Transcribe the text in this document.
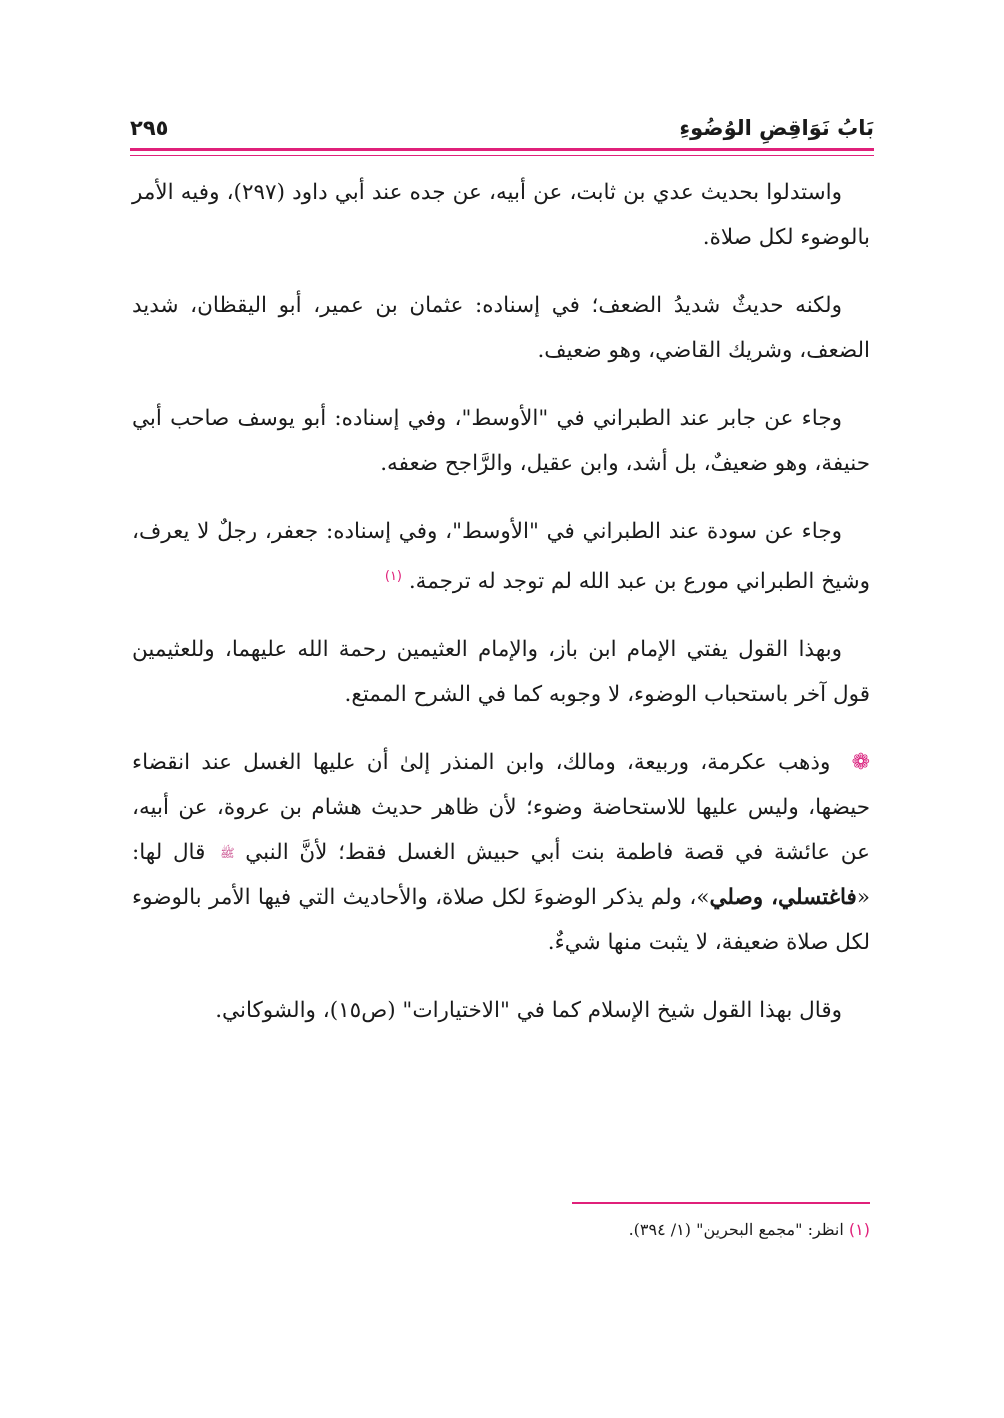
بَابُ نَوَاقِضِ الوُضُوءِ
٢٩٥

واستدلوا بحديث عدي بن ثابت، عن أبيه، عن جده عند أبي داود (٢٩٧)، وفيه الأمر بالوضوء لكل صلاة.

ولكنه حديثٌ شديدُ الضعف؛ في إسناده: عثمان بن عمير، أبو اليقظان، شديد الضعف، وشريك القاضي، وهو ضعيف.

وجاء عن جابر عند الطبراني في "الأوسط"، وفي إسناده: أبو يوسف صاحب أبي حنيفة، وهو ضعيفٌ، بل أشد، وابن عقيل، والرَّاجح ضعفه.

وجاء عن سودة عند الطبراني في "الأوسط"، وفي إسناده: جعفر، رجلٌ لا يعرف، وشيخ الطبراني مورع بن عبد الله لم توجد له ترجمة. $^{(١)}$

وبهذا القول يفتي الإمام ابن باز، والإمام العثيمين رحمة الله عليهما، وللعثيمين قول آخر باستحباب الوضوء، لا وجوبه كما في الشرح الممتع.

❁ وذهب عكرمة، وربيعة، ومالك، وابن المنذر إلىٰ أن عليها الغسل عند انقضاء حيضها، وليس عليها للاستحاضة وضوء؛ لأن ظاهر حديث هشام بن عروة، عن أبيه، عن عائشة في قصة فاطمة بنت أبي حبيش الغسل فقط؛ لأنَّ النبي ﷺ قال لها: «فاغتسلي، وصلي»، ولم يذكر الوضوءَ لكل صلاة، والأحاديث التي فيها الأمر بالوضوء لكل صلاة ضعيفة، لا يثبت منها شيءٌ.

وقال بهذا القول شيخ الإسلام كما في "الاختيارات" (ص١٥)، والشوكاني.

(١) انظر: "مجمع البحرين" (١/ ٣٩٤).
